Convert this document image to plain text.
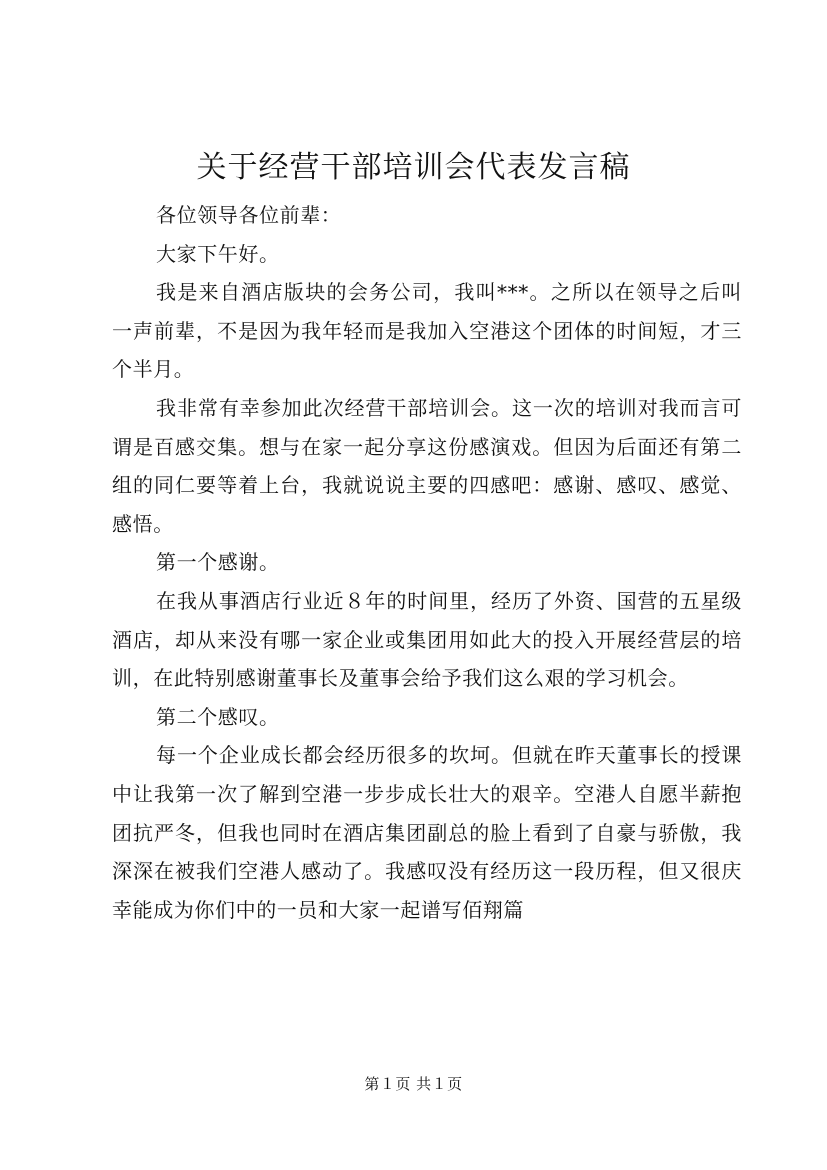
关于经营干部培训会代表发言稿

各位领导各位前辈：

大家下午好。

我是来自酒店版块的会务公司，我叫***。之所以在领导之后叫一声前辈，不是因为我年轻而是我加入空港这个团体的时间短，才三个半月。

我非常有幸参加此次经营干部培训会。这一次的培训对我而言可谓是百感交集。想与在家一起分享这份感演戏。但因为后面还有第二组的同仁要等着上台，我就说说主要的四感吧：感谢、感叹、感觉、感悟。

第一个感谢。

在我从事酒店行业近８年的时间里，经历了外资、国营的五星级酒店，却从来没有哪一家企业或集团用如此大的投入开展经营层的培训，在此特别感谢董事长及董事会给予我们这么艰的学习机会。

第二个感叹。

每一个企业成长都会经历很多的坎坷。但就在昨天董事长的授课中让我第一次了解到空港一步步成长壮大的艰辛。空港人自愿半薪抱团抗严冬，但我也同时在酒店集团副总的脸上看到了自豪与骄傲，我深深在被我们空港人感动了。我感叹没有经历这一段历程，但又很庆幸能成为你们中的一员和大家一起谱写佰翔篇

第１页 共１页
